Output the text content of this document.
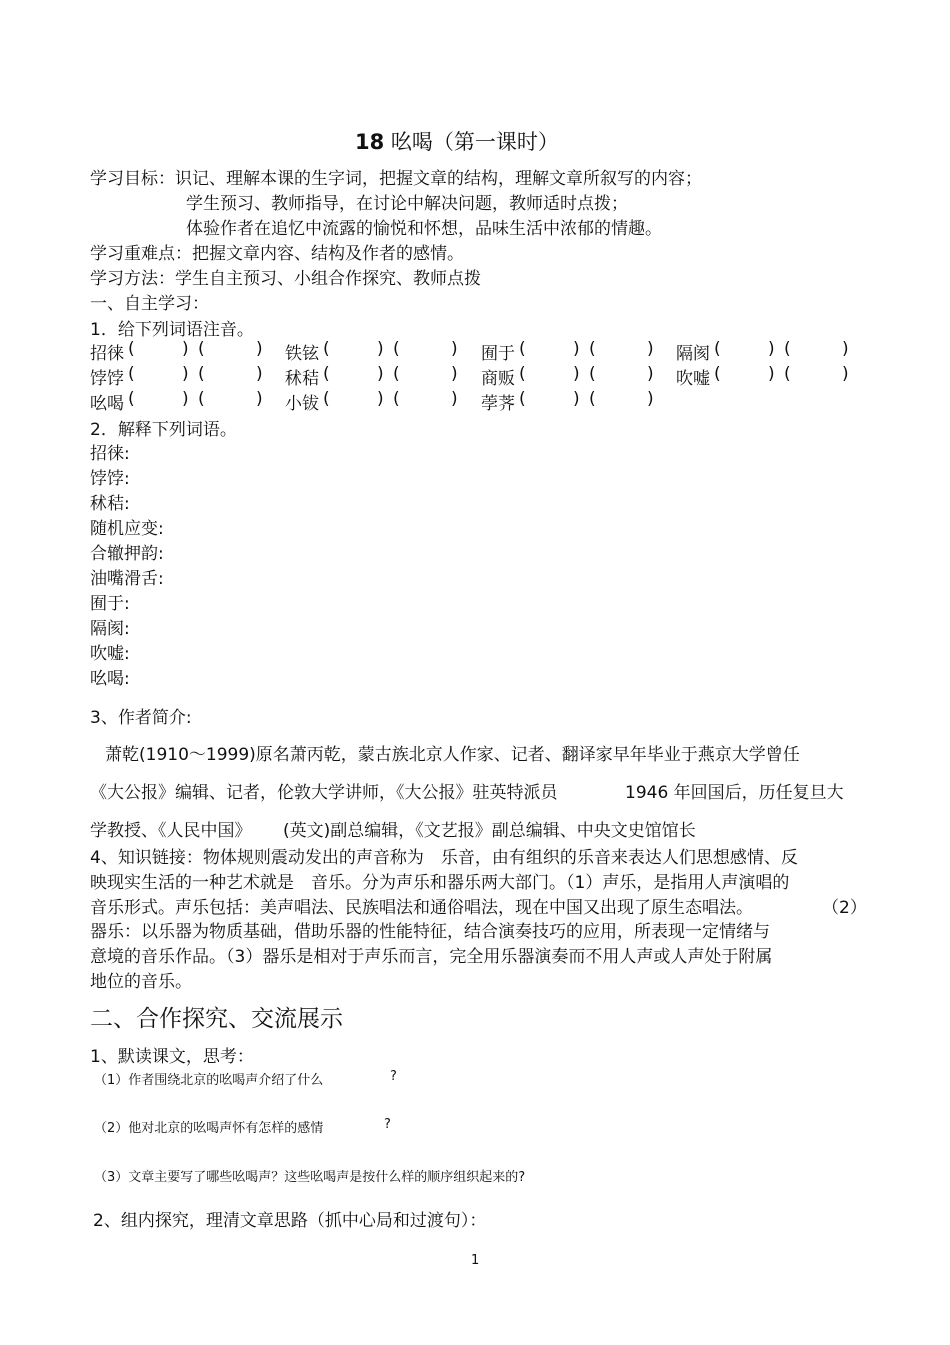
18 吆喝（第一课时）
学习目标：识记、理解本课的生字词，把握文章的结构，理解文章所叙写的内容；
学生预习、教师指导，在讨论中解决问题，教师适时点拨；
体验作者在追忆中流露的愉悦和怀想，品味生活中浓郁的情趣。
学习重难点：把握文章内容、结构及作者的感情。
学习方法：学生自主预习、小组合作探究、教师点拨
一、自主学习：
1．给下列词语注音。
招徕 (	) (	) 铁铉 (	) (	) 囿于 (	) (	) 隔阂 (	) (	)
饽饽 (	) (	) 秫秸 (	) (	) 商贩 (	) (	) 吹嘘 (	) (	)
吆喝 (	) (	) 小钹 (	) (	) 荸荠 (	) (	)
2．解释下列词语。
招徕:
饽饽:
秫秸:
随机应变:
合辙押韵:
油嘴滑舌:
囿于:
隔阂:
吹嘘:
吆喝:
3、作者简介:
萧乾(1910～1999)原名萧丙乾，蒙古族北京人作家、记者、翻译家早年毕业于燕京大学曾任
《大公报》编辑、记者，伦敦大学讲师，《大公报》驻英特派员	1946 年回国后，历任复旦大
学教授、《人民中国》 (英文)副总编辑，《文艺报》副总编辑、中央文史馆馆长
4、知识链接：物体规则震动发出的声音称为　乐音，由有组织的乐音来表达人们思想感情、反
映现实生活的一种艺术就是　音乐。分为声乐和器乐两大部门。（1）声乐，是指用人声演唱的
音乐形式。声乐包括：美声唱法、民族唱法和通俗唱法，现在中国又出现了原生态唱法。	（2）
器乐：以乐器为物质基础，借助乐器的性能特征，结合演奏技巧的应用，所表现一定情绪与
意境的音乐作品。（3）器乐是相对于声乐而言，完全用乐器演奏而不用人声或人声处于附属
地位的音乐。
二、合作探究、交流展示
1、默读课文，思考：
（1）作者围绕北京的吆喝声介绍了什么	?
（2）他对北京的吆喝声怀有怎样的感情	?
（3）文章主要写了哪些吆喝声？这些吆喝声是按什么样的顺序组织起来的?
2、组内探究，理清文章思路（抓中心局和过渡句）：
1
